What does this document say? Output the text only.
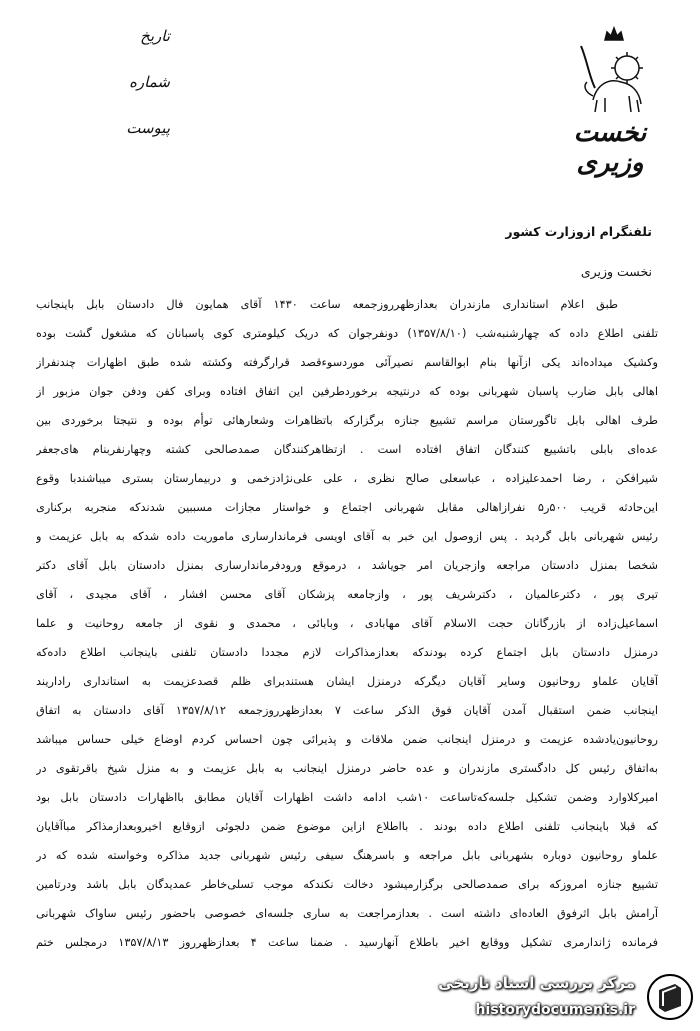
تاریخ
شماره
پیوست	نخست وزیری
تلفنگرام ازوزارت کشور
نخست وزیری
طبق اعلام استانداری مازندران بعدازظهرروزجمعه ساعت ۱۴۳۰ آقای همایون فال دادستان بابل باینجانب
تلفنی اطلاع داده که چهارشنبه‌شب (۱۳۵۷/۸/۱۰) دونفرجوان که دریک کیلومتری کوی پاسبانان که مشغول گشت بوده
وکشیک میداده‌اند یکی ازآنها بنام ابوالقاسم نصیرآئی موردسوءقصد قرارگرفته وکشته شده طبق اظهارات چندنفراز
اهالی بابل ضارب پاسبان شهربانی بوده که درنتیجه برخوردطرفین این اتفاق افتاده وبرای کفن ودفن جوان مزبور از
طرف اهالی بابل تاگورستان مراسم تشییع جنازه برگزارکه باتظاهرات وشعارهائی توأم بوده و نتیجتا برخوردی بین
عده‌ای بابلی باتشییع کنندگان اتفاق افتاده است . ازتظاهرکنندگان صمدصالحی کشته وچهارنفربنام های‌جعفر
شیرافکن ، رضا احمدعلیزاده ، عباسعلی صالح نظری ، علی علی‌نژادزخمی و دربیمارستان بستری میباشندبا وقوع
این‌حادثه قریب ۵۰۰ر۵ نفرازاهالی مقابل شهربانی اجتماع و خواستار مجازات مسببین شدندکه منجربه برکناری
رئیس شهربانی بابل گردید . پس ازوصول این خبر به آقای اویسی فرماندارساری ماموریت داده شدکه به بابل عزیمت و
شخصا بمنزل دادستان مراجعه وازجریان امر جویاشد ، درموقع ورودفرماندارساری بمنزل دادستان بابل آقای دکتر
تیری پور ، دکترعالمیان ، دکترشریف پور ، وازجامعه پزشکان آقای محسن افشار ، آقای مجیدی ، آقای
اسماعیل‌زاده از بازرگانان حجت الاسلام آقای مهابادی ، وبابائی ، محمدی و نقوی از جامعه روحانیت و علما
درمنزل دادستان بابل اجتماع کرده بودندکه بعدازمذاکرات لازم مجددا دادستان تلفنی باینجانب اطلاع داده‌که
آقایان علماو روحانیون وسایر آقایان دیگرکه درمنزل ایشان هستندبرای ظلم قصدعزیمت به استانداری راداریند
اینجانب ضمن استقبال آمدن آقایان فوق الذکر ساعت ۷ بعدازظهرروزجمعه ۱۳۵۷/۸/۱۲ آقای دادستان به اتفاق
روحانیون‌یادشده عزیمت و درمنزل اینجانب ضمن ملاقات و پذیرائی چون احساس کردم اوضاع خیلی حساس میباشد
به‌اتفاق رئیس کل دادگستری مازندران و عده حاضر درمنزل اینجانب به بابل عزیمت و به منزل شیخ باقرتقوی در
امیرکلاوارد وضمن تشکیل جلسه‌که‌تاساعت ۱۰شب ادامه داشت اظهارات آقایان مطابق بااظهارات دادستان بابل بود
که قبلا باینجانب تلفنی اطلاع داده بودند . بااطلاع ازاین موضوع ضمن دلجوئی ازوقایع اخیروبعدازمذاکر مباآقایان
علماو روحانیون دوباره بشهربانی بابل مراجعه و باسرهنگ سیفی رئیس شهربانی جدید مذاکره وخواسته شده که در
تشییع جنازه امروزکه برای صمدصالحی برگزارمیشود دخالت نکندکه موجب تسلی‌خاطر عمدیدگان بابل باشد ودرتامین
آرامش بابل اثرفوق العاده‌ای داشته است . بعدازمراجعت به ساری جلسه‌ای خصوصی باحضور رئیس ساواک شهربانی
فرمانده ژاندارمری تشکیل ووقایع اخیر باطلاع آنهارسید . ضمنا ساعت ۴ بعدازظهرروز ۱۳۵۷/۸/۱۳ درمجلس ختم
مرکز بررسی اسناد تاریخی
historydocuments.ir
